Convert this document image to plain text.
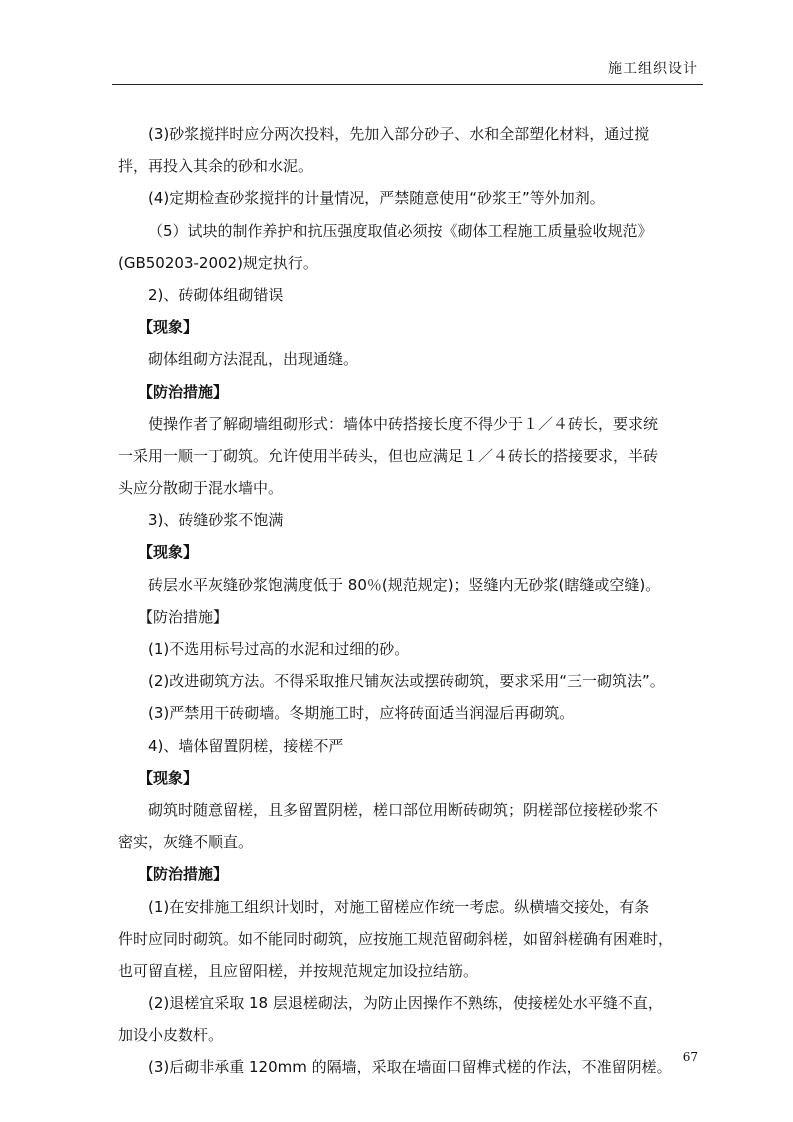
施工组织设计
(3)砂浆搅拌时应分两次投料，先加入部分砂子、水和全部塑化材料，通过搅
拌，再投入其余的砂和水泥。
(4)定期检查砂浆搅拌的计量情况，严禁随意使用“砂浆王”等外加剂。
（5）试块的制作养护和抗压强度取值必须按《砌体工程施工质量验收规范》
(GB50203-2002)规定执行。
2)、砖砌体组砌错误
【现象】
砌体组砌方法混乱，出现通缝。
【防治措施】
使操作者了解砌墙组砌形式：墙体中砖搭接长度不得少于１／４砖长，要求统
一采用一顺一丁砌筑。允许使用半砖头，但也应满足１／４砖长的搭接要求，半砖
头应分散砌于混水墙中。
3)、砖缝砂浆不饱满
【现象】
砖层水平灰缝砂浆饱满度低于 80％(规范规定)；竖缝内无砂浆(瞎缝或空缝)。
【防治措施】
(1)不选用标号过高的水泥和过细的砂。
(2)改进砌筑方法。不得采取推尺铺灰法或摆砖砌筑，要求采用“三一砌筑法”。
(3)严禁用干砖砌墙。冬期施工时，应将砖面适当润湿后再砌筑。
4)、墙体留置阴槎，接槎不严
【现象】
砌筑时随意留槎，且多留置阴槎，槎口部位用断砖砌筑；阴槎部位接槎砂浆不
密实，灰缝不顺直。
【防治措施】
(1)在安排施工组织计划时，对施工留槎应作统一考虑。纵横墙交接处，有条
件时应同时砌筑。如不能同时砌筑，应按施工规范留砌斜槎，如留斜槎确有困难时，
也可留直槎，且应留阳槎，并按规范规定加设拉结筋。
(2)退槎宜采取 18 层退槎砌法，为防止因操作不熟练，使接槎处水平缝不直，
加设小皮数杆。
(3)后砌非承重 120mm 的隔墙，采取在墙面口留榫式槎的作法，不准留阴槎。
67
